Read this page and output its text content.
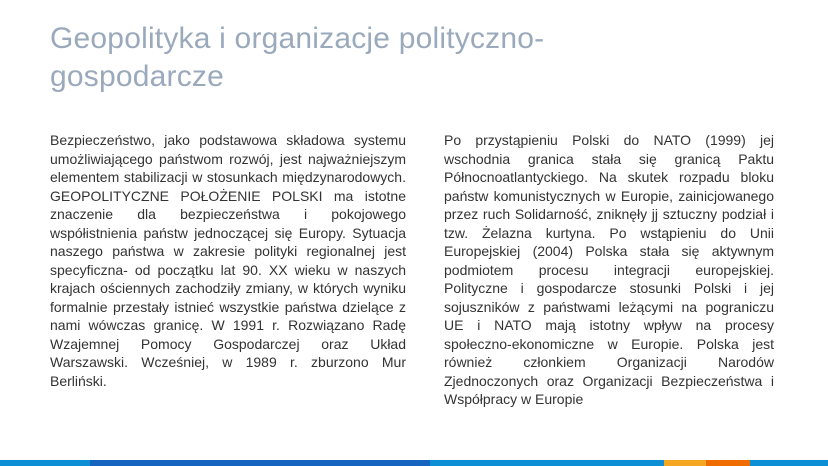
Geopolityka i organizacje polityczno-gospodarcze

Bezpieczeństwo, jako podstawowa składowa systemu umożliwiającego państwom rozwój, jest najważniejszym elementem stabilizacji w stosunkach międzynarodowych. GEOPOLITYCZNE POŁOŻENIE POLSKI ma istotne znaczenie dla bezpieczeństwa i pokojowego współistnienia państw jednoczącej się Europy. Sytuacja naszego państwa w zakresie polityki regionalnej jest specyficzna- od początku lat 90. XX wieku w naszych krajach ościennych zachodziły zmiany, w których wyniku formalnie przestały istnieć wszystkie państwa dzielące z nami wówczas granicę. W 1991 r. Rozwiązano Radę Wzajemnej Pomocy Gospodarczej oraz Układ Warszawski. Wcześniej, w 1989 r. zburzono Mur Berliński.

Po przystąpieniu Polski do NATO (1999) jej wschodnia granica stała się granicą Paktu Północnoatlantyckiego. Na skutek rozpadu bloku państw komunistycznych w Europie, zainicjowanego przez ruch Solidarność, zniknęły jj sztuczny podział i tzw. Żelazna kurtyna. Po wstąpieniu do Unii Europejskiej (2004) Polska stała się aktywnym podmiotem procesu integracji europejskiej. Polityczne i gospodarcze stosunki Polski i jej sojuszników z państwami leżącymi na pograniczu UE i NATO mają istotny wpływ na procesy społeczno-ekonomiczne w Europie. Polska jest również członkiem Organizacji Narodów Zjednoczonych oraz Organizacji Bezpieczeństwa i Współpracy w Europie
